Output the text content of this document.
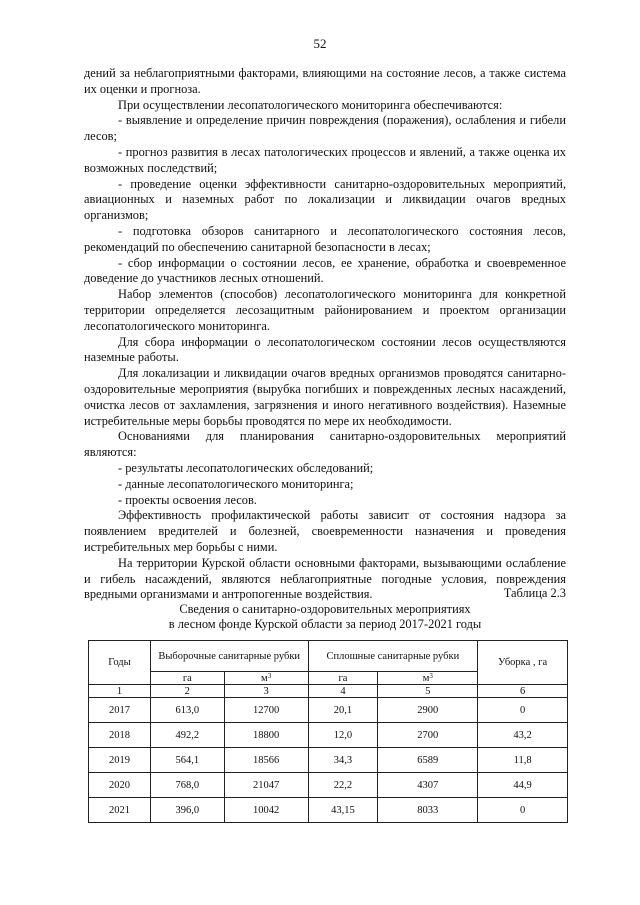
52

дений за неблагоприятными факторами, влияющими на состояние лесов, а также система их оценки и прогноза.

При осуществлении лесопатологического мониторинга обеспечиваются:

- выявление и определение причин повреждения (поражения), ослабления и гибели лесов;

- прогноз развития в лесах патологических процессов и явлений, а также оценка их возможных последствий;

- проведение оценки эффективности санитарно-оздоровительных мероприятий, авиационных и наземных работ по локализации и ликвидации очагов вредных организмов;

- подготовка обзоров санитарного и лесопатологического состояния лесов, рекомендаций по обеспечению санитарной безопасности в лесах;

- сбор информации о состоянии лесов, ее хранение, обработка и своевременное доведение до участников лесных отношений.

Набор элементов (способов) лесопатологического мониторинга для конкретной территории определяется лесозащитным районированием и проектом организации лесопатологического мониторинга.

Для сбора информации о лесопатологическом состоянии лесов осуществляются наземные работы.

Для локализации и ликвидации очагов вредных организмов проводятся санитарно-оздоровительные мероприятия (вырубка погибших и поврежденных лесных насаждений, очистка лесов от захламления, загрязнения и иного негативного воздействия). Наземные истребительные меры борьбы проводятся по мере их необходимости.

Основаниями для планирования санитарно-оздоровительных мероприятий являются:

- результаты лесопатологических обследований;

- данные лесопатологического мониторинга;

- проекты освоения лесов.

Эффективность профилактической работы зависит от состояния надзора за появлением вредителей и болезней, своевременности назначения и проведения истребительных мер борьбы с ними.

На территории Курской области основными факторами, вызывающими ослабление и гибель насаждений, являются неблагоприятные погодные условия, повреждения вредными организмами и антропогенные воздействия.	Таблица 2.3
Сведения о санитарно-оздоровительных мероприятиях
в лесном фонде Курской области за период 2017-2021 годы
Годы	Выборочные санитарные рубки		Сплошные санитарные рубки		Уборка , га
	га	$м^3$	га	$м^3$
1	2	3	4	5	6
2017	613,0	12700	20,1	2900	0
2018	492,2	18800	12,0	2700	43,2
2019	564,1	18566	34,3	6589	11,8
2020	768,0	21047	22,2	4307	44,9
2021	396,0	10042	43,15	8033	0
